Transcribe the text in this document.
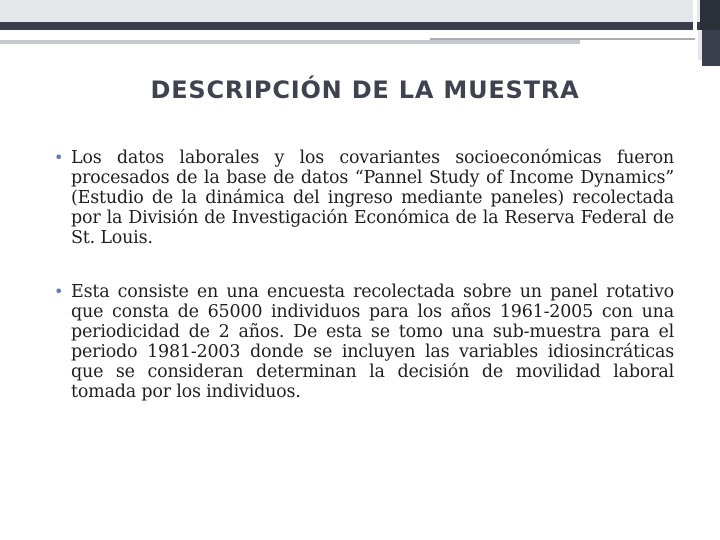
DESCRIPCIÓN DE LA MUESTRA
• Los datos laborales y los covariantes socioeconómicas fueron procesados de la base de datos “Pannel Study of Income Dynamics” (Estudio de la dinámica del ingreso mediante paneles) recolectada por la División de Investigación Económica de la Reserva Federal de St. Louis.
• Esta consiste en una encuesta recolectada sobre un panel rotativo que consta de 65000 individuos para los años 1961-2005 con una periodicidad de 2 años. De esta se tomo una sub-muestra para el periodo 1981-2003 donde se incluyen las variables idiosincráticas que se consideran determinan la decisión de movilidad laboral tomada por los individuos.
